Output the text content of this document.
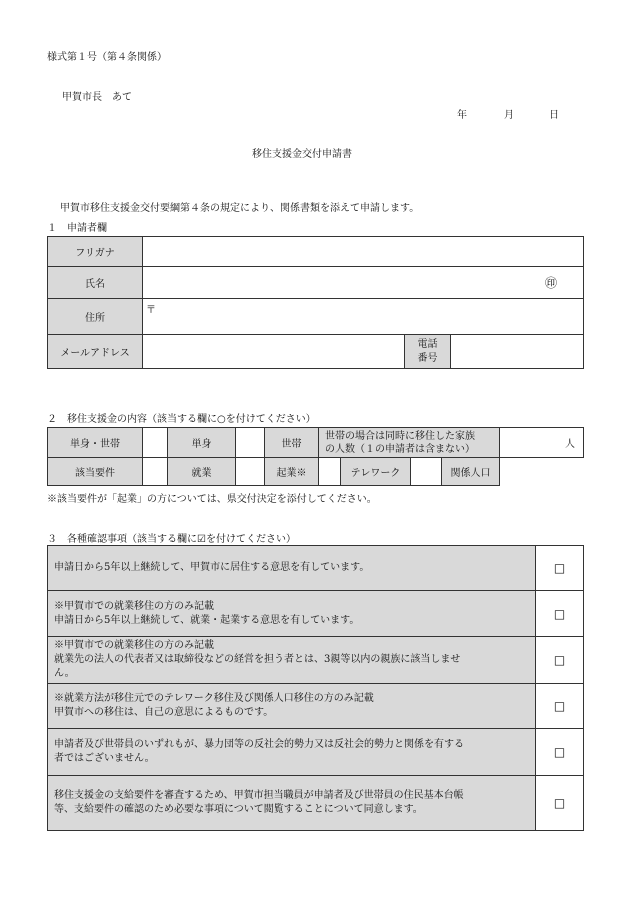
様式第１号（第４条関係）
甲賀市長　あて
年	月	日
移住支援金交付申請書
甲賀市移住支援金交付要綱第４条の規定により、関係書類を添えて申請します。
１　申請者欄
フリガナ			
氏名	㊞		
住所	〒		
メールアドレス		電話
番号	
２　移住支援金の内容（該当する欄に○を付けてください）
単身・世帯		単身		世帯	世帯の場合は同時に移住した家族
の人数（１の申請者は含まない）				人
該当要件		就業		起業※		テレワーク		関係人口	
※該当要件が「起業」の方については、県交付決定を添付してください。
３　各種確認事項（該当する欄に☑を付けてください）
申請日から5年以上継続して、甲賀市に居住する意思を有しています。	□
※甲賀市での就業移住の方のみ記載
申請日から5年以上継続して、就業・起業する意思を有しています。	□
※甲賀市での就業移住の方のみ記載
就業先の法人の代表者又は取締役などの経営を担う者とは、3親等以内の親族に該当しませ
ん。	□
※就業方法が移住元でのテレワーク移住及び関係人口移住の方のみ記載
甲賀市への移住は、自己の意思によるものです。	□
申請者及び世帯員のいずれもが、暴力団等の反社会的勢力又は反社会的勢力と関係を有する
者ではございません。	□
移住支援金の支給要件を審査するため、甲賀市担当職員が申請者及び世帯員の住民基本台帳
等、支給要件の確認のため必要な事項について閲覧することについて同意します。	□
